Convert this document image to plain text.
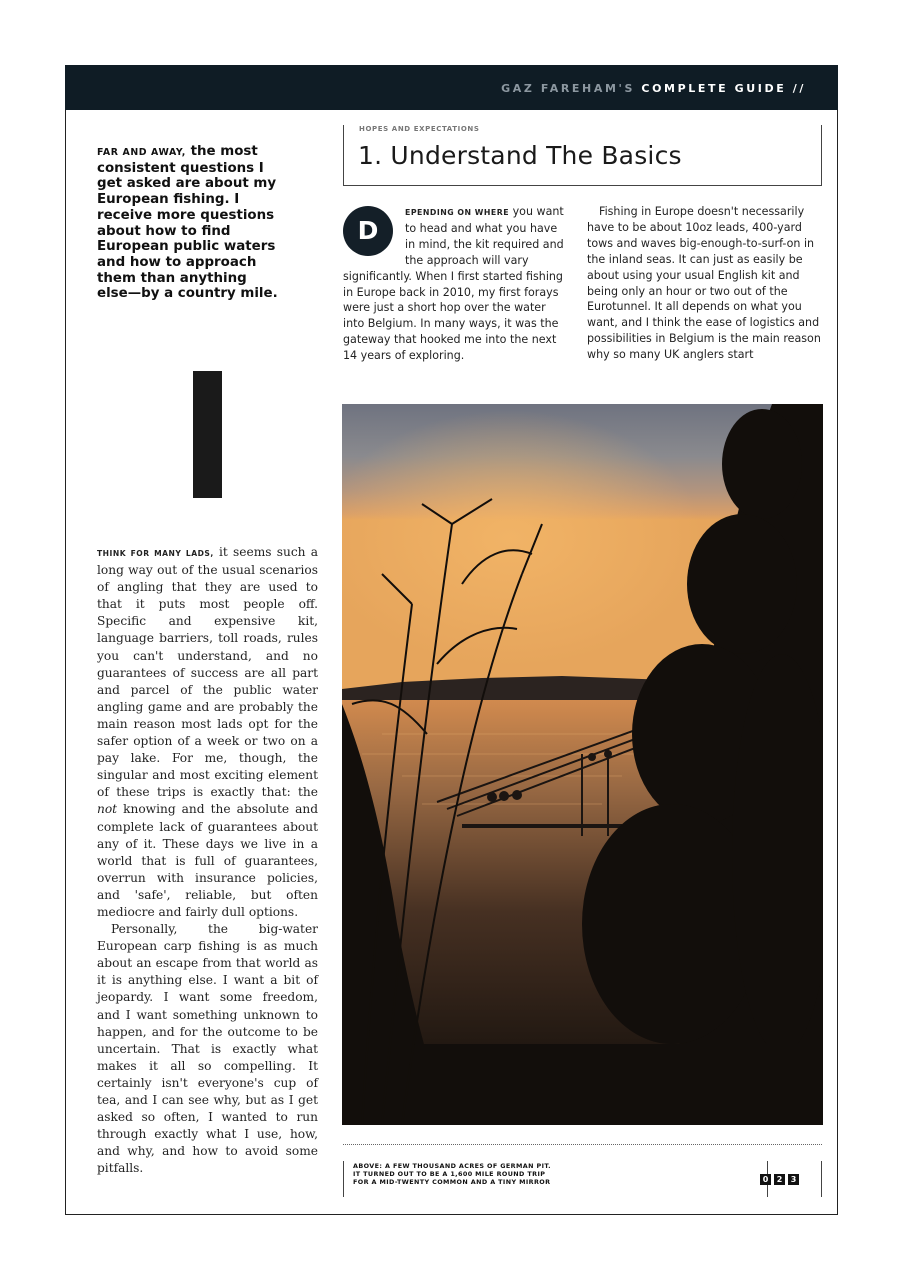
GAZ FAREHAM'S COMPLETE GUIDE //
FAR AND AWAY, the most consistent questions I get asked are about my European fishing. I receive more questions about how to find European public waters and how to approach them than anything else—by a country mile.

THINK FOR MANY LADS, it seems such a long way out of the usual scenarios of angling that they are used to that it puts most people off. Specific and expensive kit, language barriers, toll roads, rules you can't understand, and no guarantees of success are all part and parcel of the public water angling game and are probably the main reason most lads opt for the safer option of a week or two on a pay lake. For me, though, the singular and most exciting element of these trips is exactly that: the not knowing and the absolute and complete lack of guarantees about any of it. These days we live in a world that is full of guarantees, overrun with insurance policies, and 'safe', reliable, but often mediocre and fairly dull options.

Personally, the big-water European carp fishing is as much about an escape from that world as it is anything else. I want a bit of jeopardy. I want some freedom, and I want something unknown to happen, and for the outcome to be uncertain. That is exactly what makes it all so compelling. It certainly isn't everyone's cup of tea, and I can see why, but as I get asked so often, I wanted to run through exactly what I use, how, and why, and how to avoid some pitfalls.

HOPES AND EXPECTATIONS
1. Understand The Basics
D

EPENDING ON WHERE you want to head and what you have in mind, the kit required and the approach will vary significantly. When I first started fishing in Europe back in 2010, my first forays were just a short hop over the water into Belgium. In many ways, it was the gateway that hooked me into the next 14 years of exploring.

Fishing in Europe doesn't necessarily have to be about 10oz leads, 400-yard tows and waves big-enough-to-surf-on in the inland seas. It can just as easily be about using your usual English kit and being only an hour or two out of the Eurotunnel. It all depends on what you want, and I think the ease of logistics and possibilities in Belgium is the main reason why so many UK anglers start

ABOVE: A FEW THOUSAND ACRES OF GERMAN PIT.
IT TURNED OUT TO BE A 1,600 MILE ROUND TRIP
FOR A MID-TWENTY COMMON AND A TINY MIRROR	0	2	3
